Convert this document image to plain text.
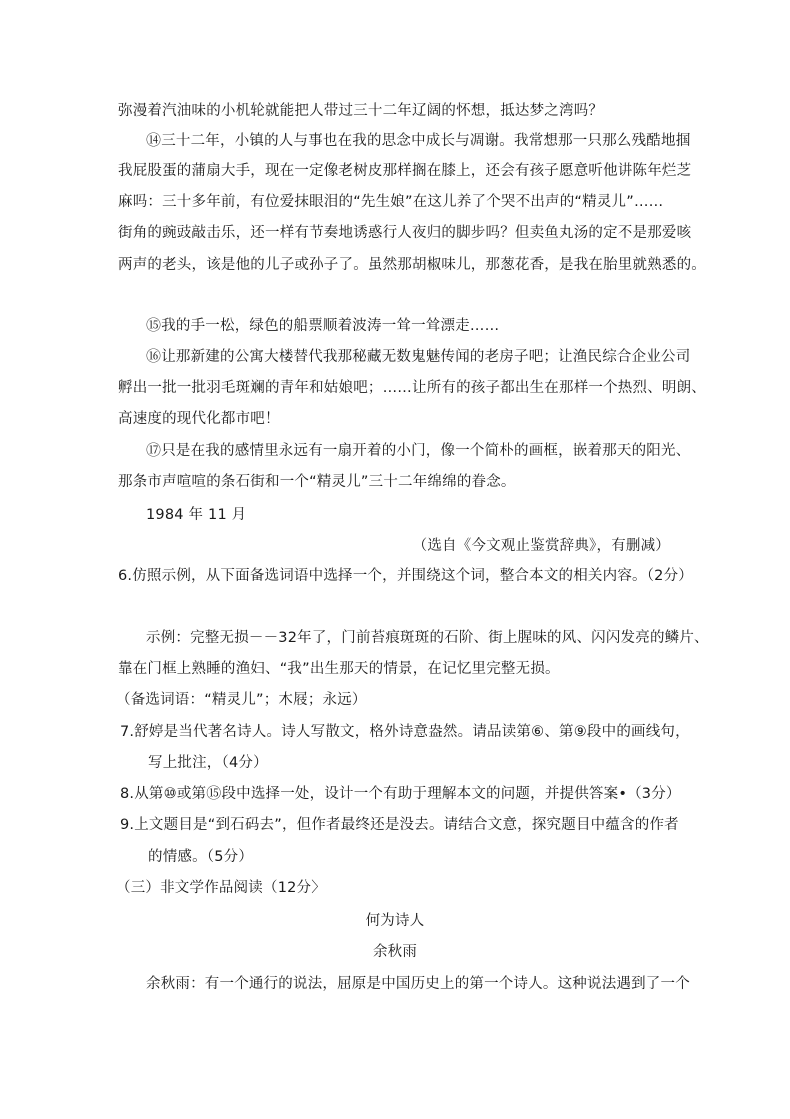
弥漫着汽油味的小机轮就能把人带过三十二年辽阔的怀想，抵达梦之湾吗？
⑭三十二年，小镇的人与事也在我的思念中成长与凋谢。我常想那一只那么残酷地掴
我屁股蛋的蒲扇大手，现在一定像老树皮那样搁在膝上，还会有孩子愿意听他讲陈年烂芝
麻吗：三十多年前，有位爱抹眼泪的“先生娘”在这儿养了个哭不出声的“精灵儿”……
街角的豌豉敲击乐，还一样有节奏地诱惑行人夜归的脚步吗？但卖鱼丸汤的定不是那爱咳
两声的老头，该是他的儿子或孙子了。虽然那胡椒味儿，那葱花香，是我在胎里就熟悉的。
⑮我的手一松，绿色的船票顺着波涛一耸一耸漂走……
⑯让那新建的公寓大楼替代我那秘藏无数鬼魅传闻的老房子吧；让渔民综合企业公司
孵出一批一批羽毛斑斓的青年和姑娘吧；……让所有的孩子都出生在那样一个热烈、明朗、
高速度的现代化都市吧！
⑰只是在我的感情里永远有一扇开着的小门，像一个简朴的画框，嵌着那天的阳光、
那条市声喧喧的条石街和一个“精灵儿”三十二年绵绵的眷念。
1984 年 11 月
（选自《今文观止鉴赏辞典》，有删减）
6.仿照示例，从下面备选词语中选择一个，并围绕这个词，整合本文的相关内容。（2分）
示例：完整无损－－32年了，门前苔痕斑斑的石阶、街上腥味的风、闪闪发亮的鳞片、
靠在门框上熟睡的渔妇、“我”出生那天的情景，在记忆里完整无损。
（备选词语：“精灵儿”；木屐；永远）
7.舒婷是当代著名诗人。诗人写散文，格外诗意盎然。请品读第⑥、第⑨段中的画线句，
写上批注，（4分）
8.从第⑩或第⑮段中选择一处，设计一个有助于理解本文的问题，并提供答案•（3分）
9.上文题目是“到石码去”，但作者最终还是没去。请结合文意，探究题目中蕴含的作者
的情感。（5分）
（三）非文学作品阅读（12分〉
何为诗人
余秋雨
余秋雨：有一个通行的说法，屈原是中国历史上的第一个诗人。这种说法遇到了一个
